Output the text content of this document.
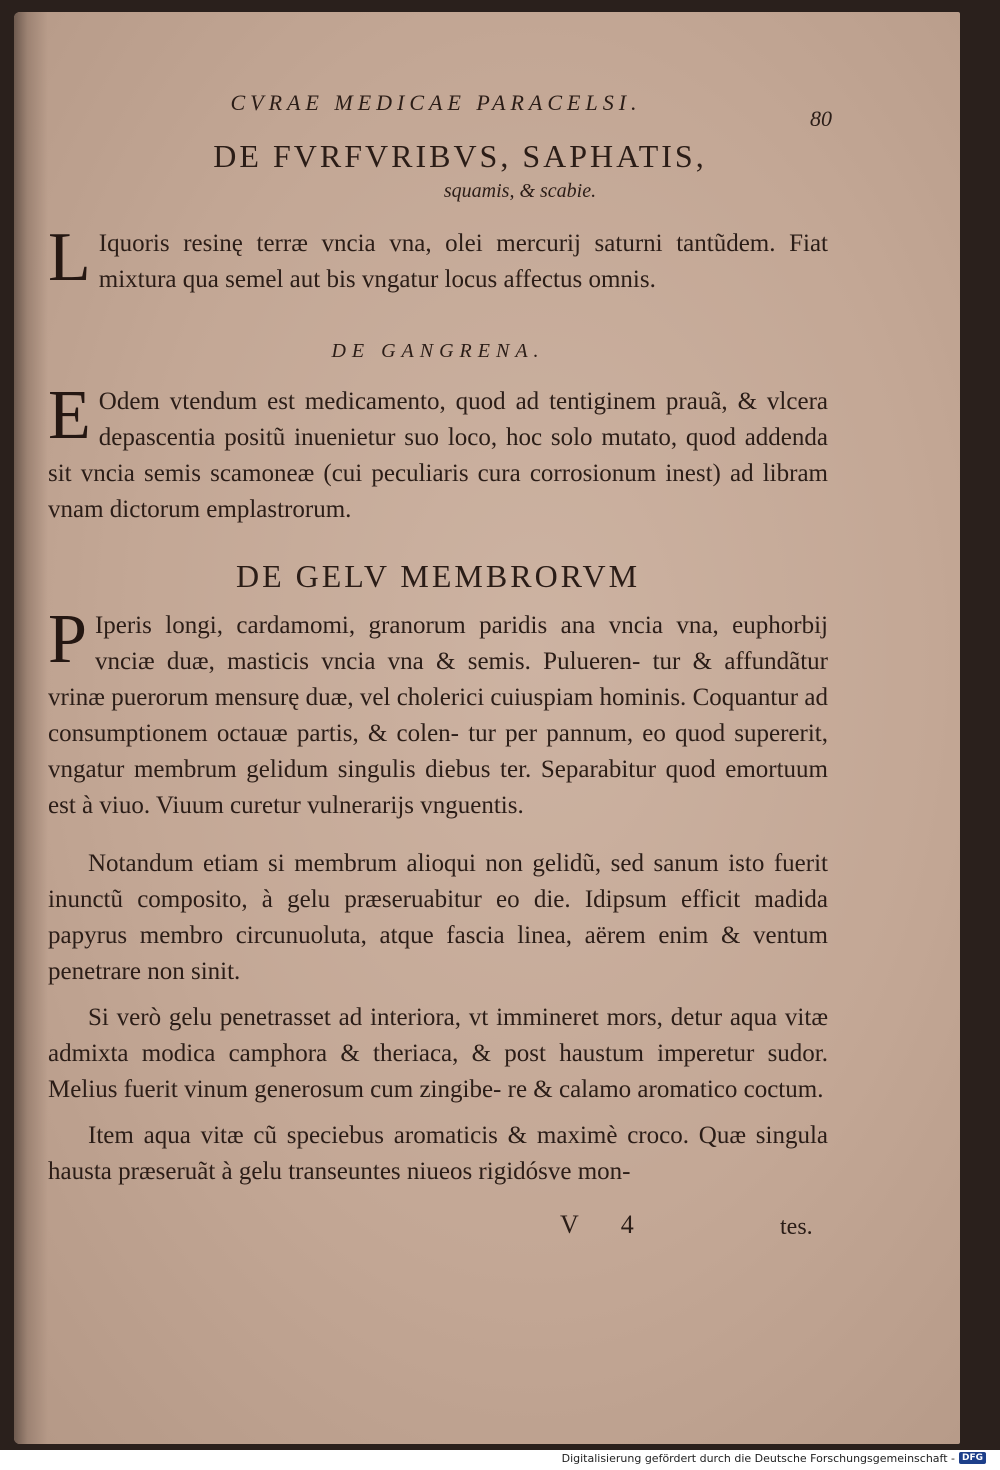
CVRAE MEDICAE PARACELSI.
80
DE FVRFVRIBVS, SAPHATIS,
squamis, & scabie.
L Iquoris resinę terræ vncia vna, olei mercurij saturni tantũdem. Fiat mixtura qua semel aut bis vngatur locus affectus omnis.
DE GANGRENA.
E Odem vtendum est medicamento, quod ad tentiginem prauã, & vlcera depascentia positũ inuenietur suo loco, hoc solo mutato, quod addenda sit vncia semis scamoneæ (cui peculiaris cura corrosionum inest) ad libram vnam dictorum emplastrorum.
DE GELV MEMBRORVM
P Iperis longi, cardamomi, granorum paridis ana vncia vna, euphorbij vnciæ duæ, masticis vncia vna & semis. Pulueren- tur & affundãtur vrinæ puerorum mensurę duæ, vel cholerici cuiuspiam hominis. Coquantur ad consumptionem octauæ partis, & colen- tur per pannum, eo quod supererit, vngatur membrum gelidum singulis diebus ter. Separabitur quod emortuum est à viuo. Viuum curetur vulnerarijs vnguentis.
Notandum etiam si membrum alioqui non gelidũ, sed sanum isto fuerit inunctũ composito, à gelu præseruabitur eo die. Idipsum efficit madida papyrus membro circunuoluta, atque fascia linea, aërem enim & ventum penetrare non sinit.
Si verò gelu penetrasset ad interiora, vt immineret mors, detur aqua vitæ admixta modica camphora & theriaca, & post haustum imperetur sudor. Melius fuerit vinum generosum cum zingibe- re & calamo aromatico coctum.
Item aqua vitæ cũ speciebus aromaticis & maximè croco. Quæ singula hausta præseruãt à gelu transeuntes niueos rigidósve mon-
V 4	tes.
Digitalisierung gefördert durch die Deutsche Forschungsgemeinschaft - DFG
